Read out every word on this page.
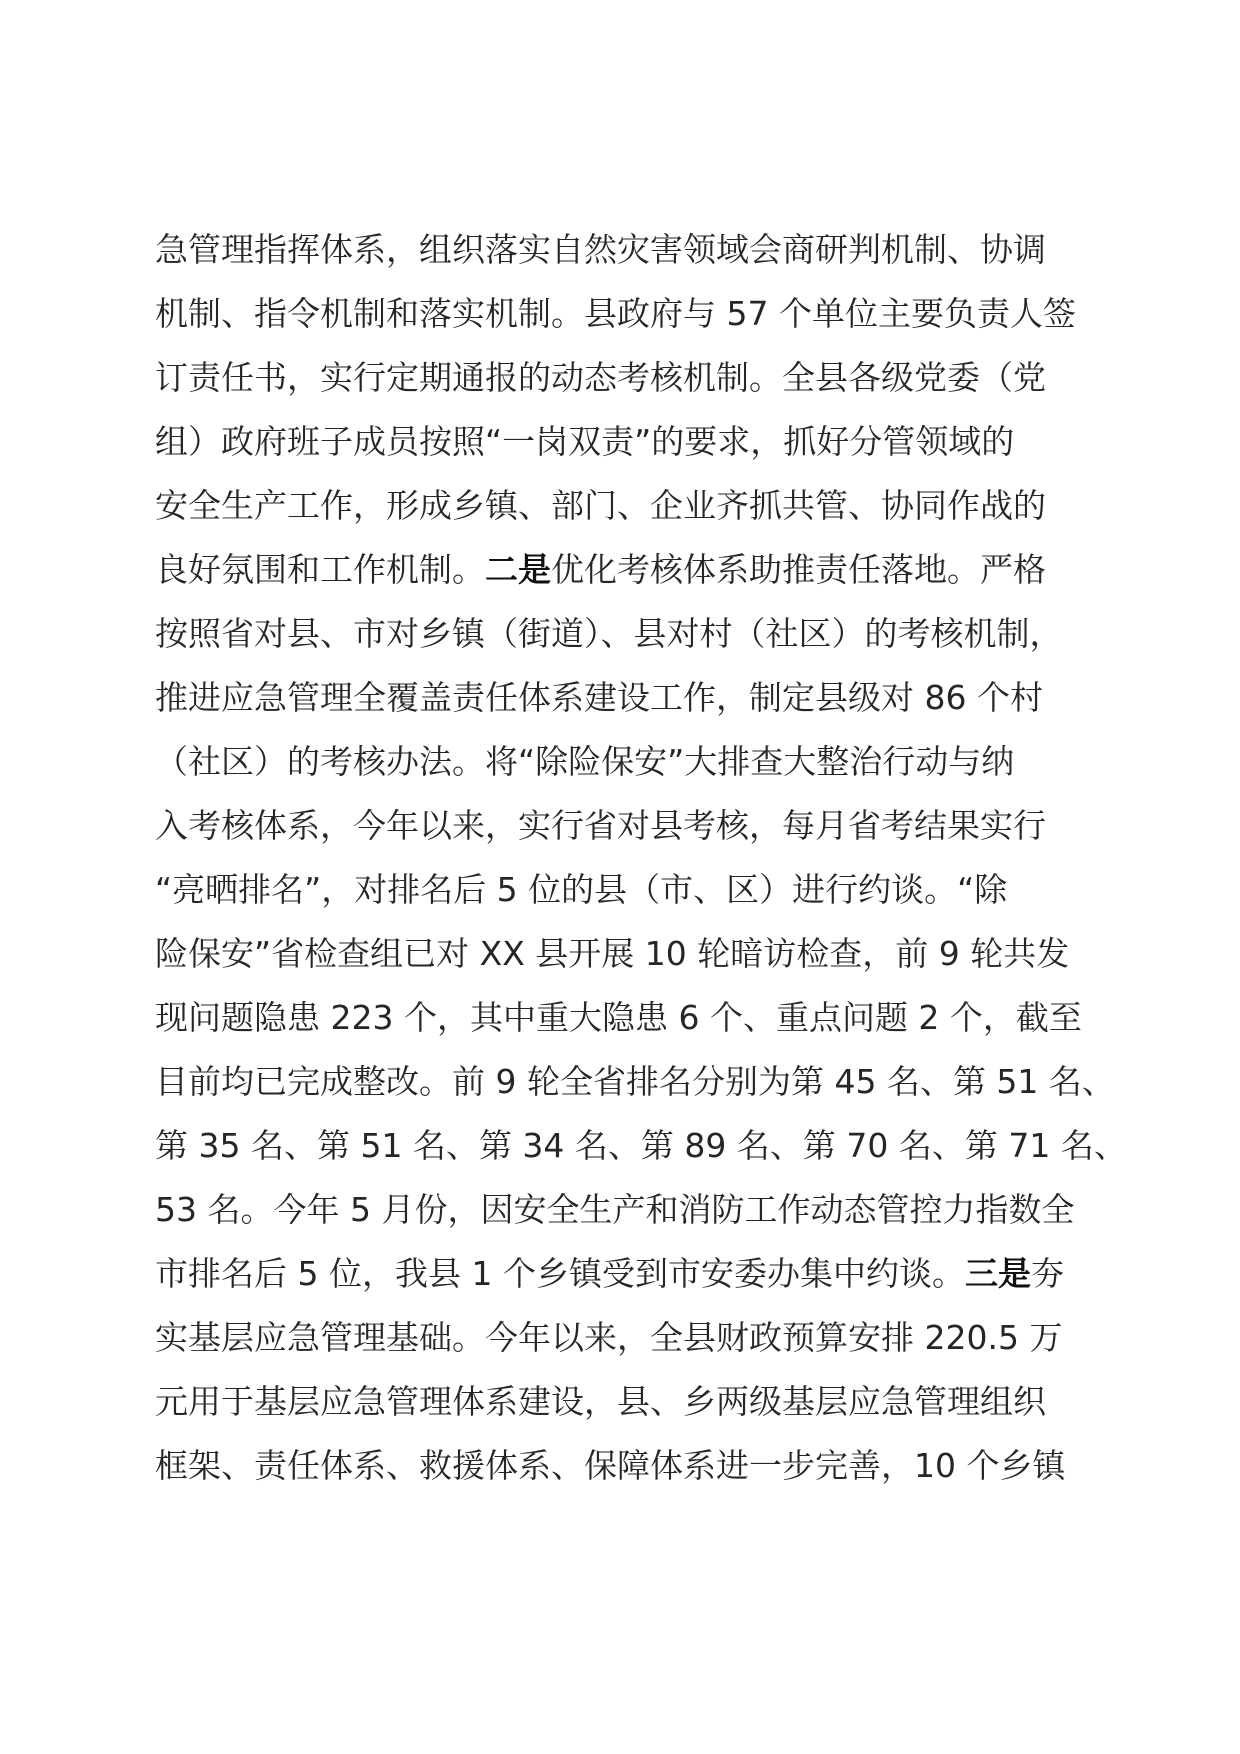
急管理指挥体系，组织落实自然灾害领域会商研判机制、协调
机制、指令机制和落实机制。县政府与 57 个单位主要负责人签
订责任书，实行定期通报的动态考核机制。全县各级党委（党
组）政府班子成员按照“一岗双责”的要求，抓好分管领域的
安全生产工作，形成乡镇、部门、企业齐抓共管、协同作战的
良好氛围和工作机制。二是优化考核体系助推责任落地。严格
按照省对县、市对乡镇（街道）、县对村（社区）的考核机制，
推进应急管理全覆盖责任体系建设工作，制定县级对 86 个村
（社区）的考核办法。将“除险保安”大排查大整治行动与纳
入考核体系，今年以来，实行省对县考核，每月省考结果实行
“亮晒排名”，对排名后 5 位的县（市、区）进行约谈。“除
险保安”省检查组已对 XX 县开展 10 轮暗访检查，前 9 轮共发
现问题隐患 223 个，其中重大隐患 6 个、重点问题 2 个，截至
目前均已完成整改。前 9 轮全省排名分别为第 45 名、第 51 名、
第 35 名、第 51 名、第 34 名、第 89 名、第 70 名、第 71 名、
53 名。今年 5 月份，因安全生产和消防工作动态管控力指数全
市排名后 5 位，我县 1 个乡镇受到市安委办集中约谈。三是夯
实基层应急管理基础。今年以来，全县财政预算安排 220.5 万
元用于基层应急管理体系建设，县、乡两级基层应急管理组织
框架、责任体系、救援体系、保障体系进一步完善，10 个乡镇
